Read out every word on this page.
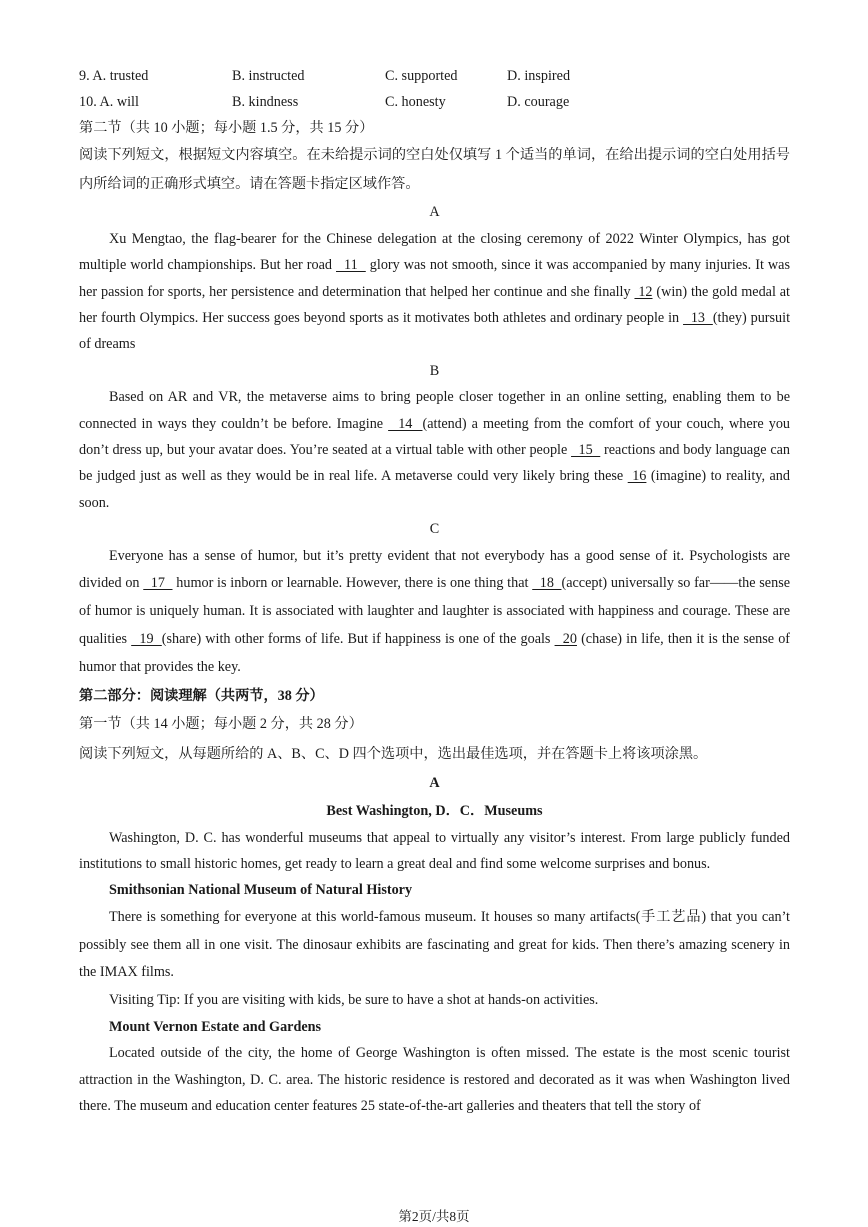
9. A. trusted	B. instructed	C. supported	D. inspired
10. A. will	B. kindness	C. honesty	D. courage
第二节（共 10 小题；每小题 1.5 分，共 15 分）
阅读下列短文，根据短文内容填空。在未给提示词的空白处仅填写 1 个适当的单词，在给出提示词的空白处用括号内所给词的正确形式填空。请在答题卡指定区域作答。
A
Xu Mengtao, the flag-bearer for the Chinese delegation at the closing ceremony of 2022 Winter Olympics, has got multiple world championships. But her road   11   glory was not smooth, since it was accompanied by many injuries. It was her passion for sports, her persistence and determination that helped her continue and she finally  12 (win) the gold medal at her fourth Olympics. Her success goes beyond sports as it motivates both athletes and ordinary people in   13  (they) pursuit of dreams
B
Based on AR and VR, the metaverse aims to bring people closer together in an online setting, enabling them to be connected in ways they couldn’t be before. Imagine   14  (attend) a meeting from the comfort of your couch, where you don’t dress up, but your avatar does. You’re seated at a virtual table with other people   15   reactions and body language can be judged just as well as they would be in real life. A metaverse could very likely bring these  16 (imagine) to reality, and soon.
C
Everyone has a sense of humor, but it’s pretty evident that not everybody has a good sense of it. Psychologists are divided on   17   humor is inborn or learnable. However, there is one thing that   18  (accept) universally so far——the sense of humor is uniquely human. It is associated with laughter and laughter is associated with happiness and courage. These are qualities   19  (share) with other forms of life. But if happiness is one of the goals   20 (chase) in life, then it is the sense of humor that provides the key.
第二部分：阅读理解（共两节，38 分）
第一节（共 14 小题；每小题 2 分，共 28 分）
阅读下列短文，从每题所给的 A、B、C、D 四个选项中，选出最佳选项，并在答题卡上将该项涂黑。
A
Best Washington, D．C．Museums
Washington, D. C. has wonderful museums that appeal to virtually any visitor’s interest. From large publicly funded institutions to small historic homes, get ready to learn a great deal and find some welcome surprises and bonus.
Smithsonian National Museum of Natural History
There is something for everyone at this world-famous museum. It houses so many artifacts(手工艺品) that you can’t possibly see them all in one visit. The dinosaur exhibits are fascinating and great for kids. Then there’s amazing scenery in the IMAX films.
Visiting Tip: If you are visiting with kids, be sure to have a shot at hands-on activities.
Mount Vernon Estate and Gardens
Located outside of the city, the home of George Washington is often missed. The estate is the most scenic tourist attraction in the Washington, D. C. area. The historic residence is restored and decorated as it was when Washington lived there. The museum and education center features 25 state-of-the-art galleries and theaters that tell the story of
第2页/共8页
